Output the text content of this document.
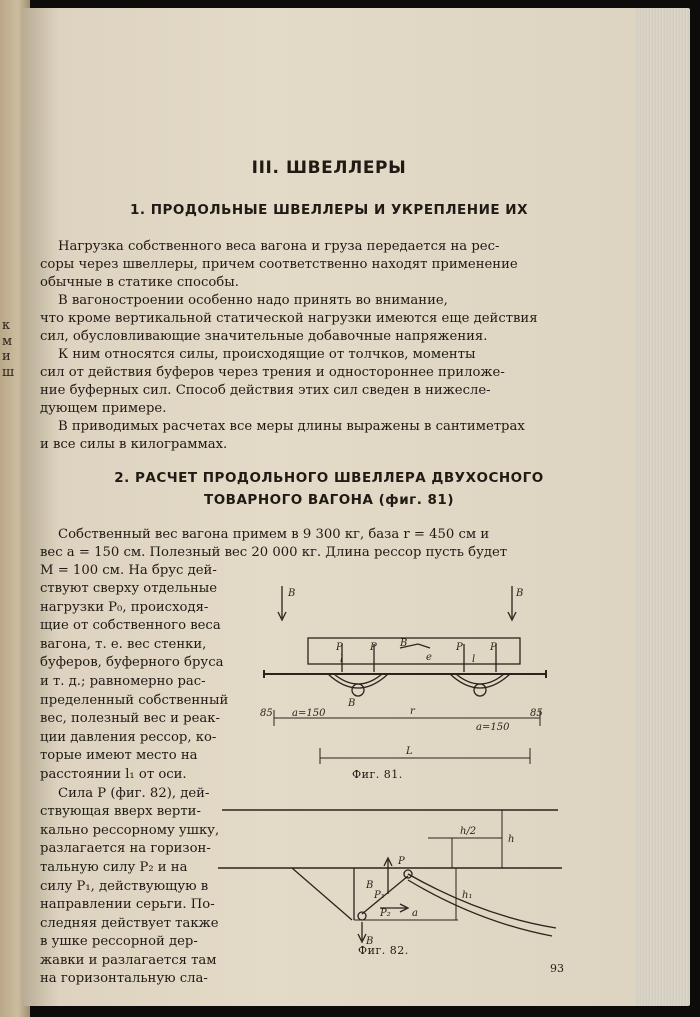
к
м
и
ш
III. ШВЕЛЛЕРЫ
1. ПРОДОЛЬНЫЕ ШВЕЛЛЕРЫ И УКРЕПЛЕНИЕ ИХ
Нагрузка собственного веса вагона и груза передается на рес-
соры через швеллеры, причем соответственно находят применение
обычные в статике способы.
В вагоностроении особенно надо принять во внимание,
что кроме вертикальной статической нагрузки имеются еще действия
сил, обусловливающие значительные добавочные напряжения.
К ним относятся силы, происходящие от толчков, моменты
сил от действия буферов через трения и одностороннее приложе-
ние буферных сил. Способ действия этих сил сведен в нижеслe-
дующем примере.
В приводимых расчетах все меры длины выражены в сантиметрах
и все силы в килограммах.
2. РАСЧЕТ ПРОДОЛЬНОГО ШВЕЛЛЕРА ДВУХОСНОГО
ТОВАРНОГО ВАГОНА (фиг. 81)
Собственный вес вагона примем в 9 300 кг, база r = 450 см и
вес a = 150 см. Полезный вес 20 000 кг. Длина рессор пусть будет
M = 100 см. На брус дей-
ствуют сверху отдельные
нагрузки P₀, происходя-
щие от собственного веса
вагона, т. е. вес стенки,
буферов, буферного бруса
и т. д.; равномерно рас-
пределенный собственный
вес, полезный вес и реак-
ции давления рессор, ко-
торые имеют место на
расстоянии l₁ от оси.
Сила P (фиг. 82), дей-
ствующая вверх верти-
кально рессорному ушку,
разлагается на горизон-
тальную силу P₂ и на
силу P₁, действующую в
направлении серьги. По-
следняя действует также
в ушке рессорной дер-
жавки и разлагается там
на горизонтальную сла-
B	B
P	P	P	P
B
e
B
l	l
85 a=150	r
a=150
85
L
Фиг. 81.
P
P₁
P₂
h
h₁
a
B
B
h/2
Фиг. 82.
93
